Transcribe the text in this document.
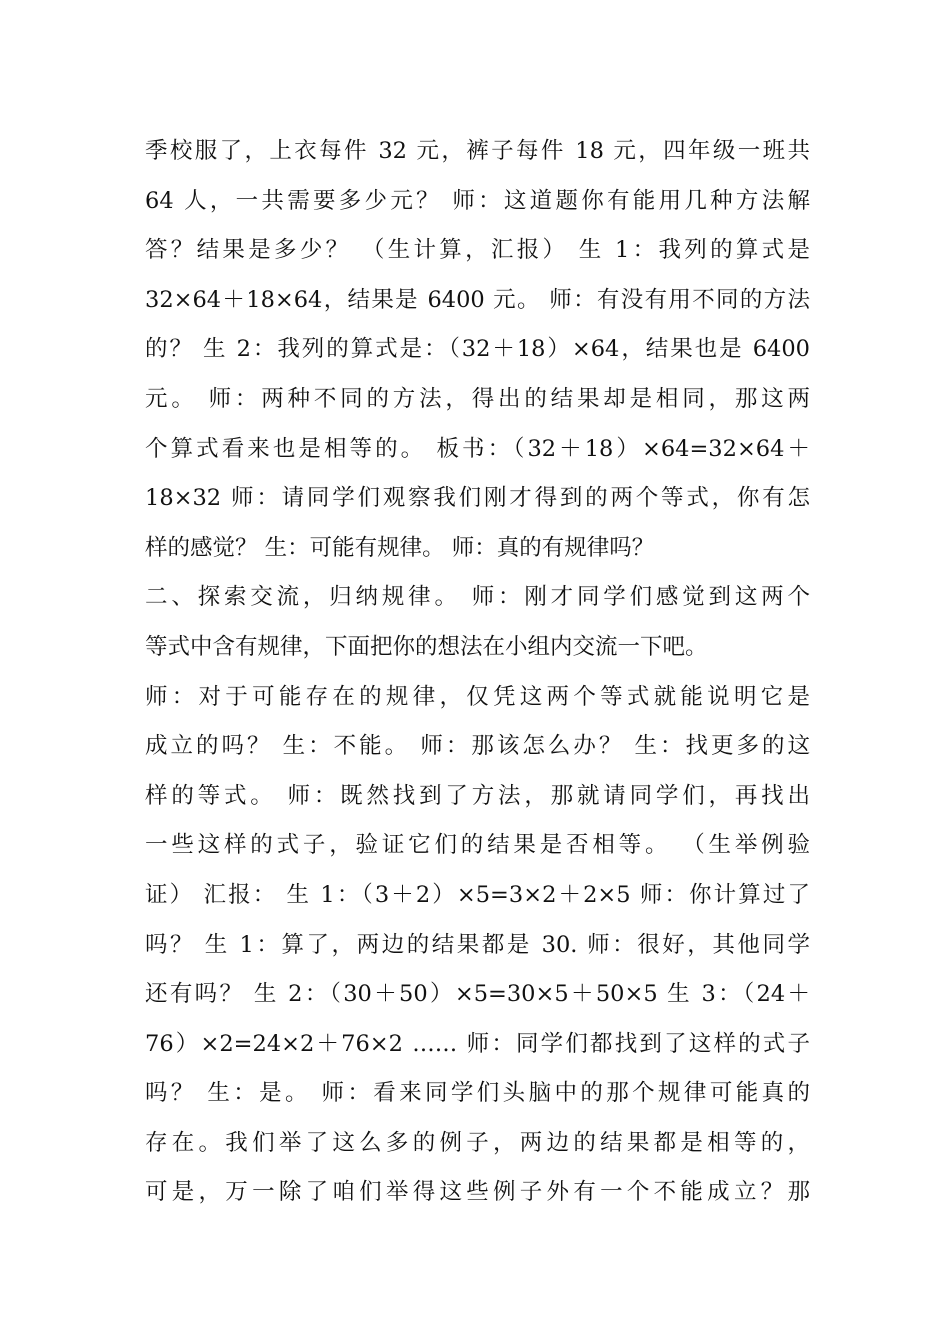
季校服了，上衣每件 32 元，裤子每件 18 元，四年级一班共
64 人，一共需要多少元？ 师：这道题你有能用几种方法解
答？结果是多少？ （生计算，汇报） 生 1：我列的算式是
32×64＋18×64，结果是 6400 元。 师：有没有用不同的方法
的？ 生 2：我列的算式是：（32＋18）×64，结果也是 6400
元。 师：两种不同的方法，得出的结果却是相同，那这两
个算式看来也是相等的。 板书：（32＋18）×64=32×64＋
18×32 师：请同学们观察我们刚才得到的两个等式，你有怎
样的感觉？ 生：可能有规律。 师：真的有规律吗？
二、探索交流，归纳规律。 师：刚才同学们感觉到这两个
等式中含有规律，下面把你的想法在小组内交流一下吧。
师：对于可能存在的规律，仅凭这两个等式就能说明它是
成立的吗？ 生：不能。 师：那该怎么办？ 生：找更多的这
样的等式。 师：既然找到了方法，那就请同学们，再找出
一些这样的式子，验证它们的结果是否相等。 （生举例验
证） 汇报： 生 1：（3＋2）×5=3×2＋2×5 师：你计算过了
吗？ 生 1：算了，两边的结果都是 30. 师：很好，其他同学
还有吗？ 生 2：（30＋50）×5=30×5＋50×5 生 3：（24＋
76）×2=24×2＋76×2 …… 师：同学们都找到了这样的式子
吗？ 生：是。 师：看来同学们头脑中的那个规律可能真的
存在。我们举了这么多的例子，两边的结果都是相等的，
可是，万一除了咱们举得这些例子外有一个不能成立？那
